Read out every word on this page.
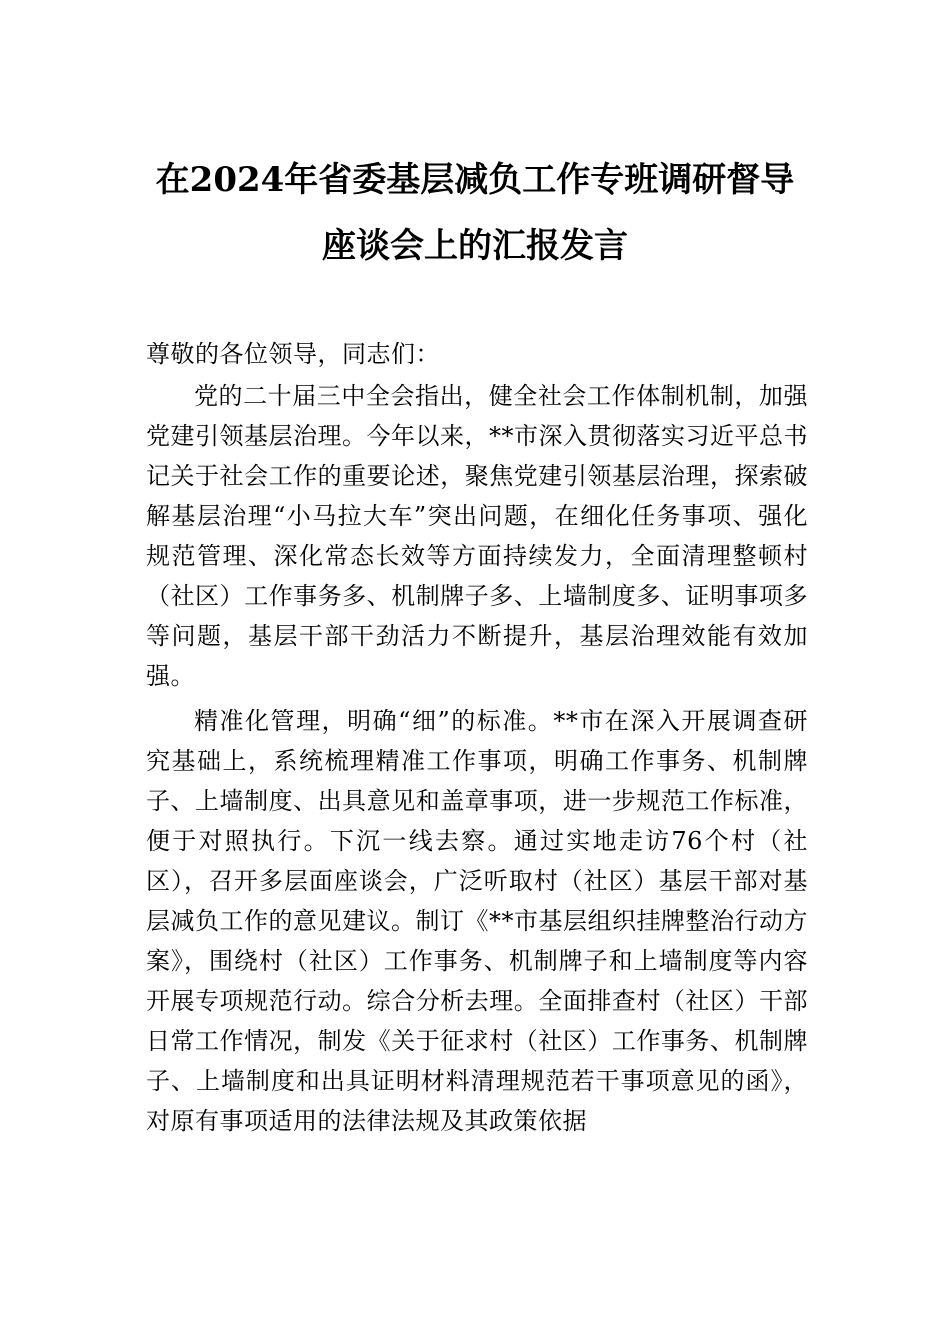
在2024年省委基层减负工作专班调研督导
座谈会上的汇报发言

尊敬的各位领导，同志们：

党的二十届三中全会指出，健全社会工作体制机制，加强党建引领基层治理。今年以来，**市深入贯彻落实习近平总书记关于社会工作的重要论述，聚焦党建引领基层治理，探索破解基层治理“小马拉大车”突出问题，在细化任务事项、强化规范管理、深化常态长效等方面持续发力，全面清理整顿村（社区）工作事务多、机制牌子多、上墙制度多、证明事项多等问题，基层干部干劲活力不断提升，基层治理效能有效加强。

精准化管理，明确“细”的标准。**市在深入开展调查研究基础上，系统梳理精准工作事项，明确工作事务、机制牌子、上墙制度、出具意见和盖章事项，进一步规范工作标准，便于对照执行。下沉一线去察。通过实地走访76个村（社区），召开多层面座谈会，广泛听取村（社区）基层干部对基层减负工作的意见建议。制订《**市基层组织挂牌整治行动方案》，围绕村（社区）工作事务、机制牌子和上墙制度等内容开展专项规范行动。综合分析去理。全面排查村（社区）干部日常工作情况，制发《关于征求村（社区）工作事务、机制牌子、上墙制度和出具证明材料清理规范若干事项意见的函》，对原有事项适用的法律法规及其政策依据
